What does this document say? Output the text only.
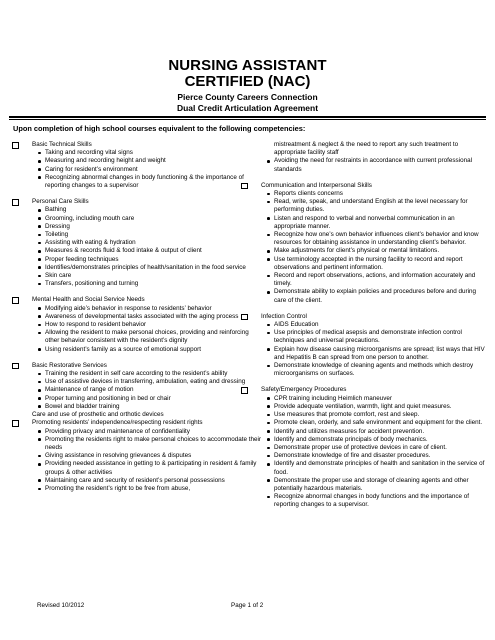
NURSING ASSISTANT
CERTIFIED (NAC)
Pierce County Careers Connection
Dual Credit Articulation Agreement
Upon completion of high school courses equivalent to the following competencies:
Basic Technical Skills
Taking and recording vital signs
Measuring and recording height and weight
Caring for resident’s environment
Recognizing abnormal changes in body functioning & the importance of reporting changes to a supervisor
Personal Care Skills
Bathing
Grooming, including mouth care
Dressing
Toileting
Assisting with eating & hydration
Measures & records fluid & food intake & output of client
Proper feeding techniques
Identifies/demonstrates principles of health/sanitation in the food service
Skin care
Transfers, positioning and turning
Mental Health and Social Service Needs
Modifying aide’s behavior in response to residents’ behavior
Awareness of developmental tasks associated with the aging process
How to respond to resident behavior
Allowing the resident to make personal choices, providing and reinforcing other behavior consistent with the resident’s dignity
Using resident’s family as a source of emotional support
Basic Restorative Services
Training the resident in self care according to the resident’s ability
Use of assistive devices in transferring, ambulation, eating and dressing
Maintenance of range of motion
Proper turning and positioning in bed or chair
Bowel and bladder training
Care and use of prosthetic and orthotic devices
Promoting residents’ independence/respecting resident rights
Providing privacy and maintenance of confidentiality
Promoting the residents right to make personal choices to accommodate their needs
Giving assistance in resolving grievances & disputes
Providing needed assistance in getting to & participating in resident & family groups & other activities
Maintaining care and security of resident’s personal possessions
Promoting the resident’s right to be free from abuse,
mistreatment & neglect & the need to report any such treatment to appropriate facility staff
Avoiding the need for restraints in accordance with current professional standards
Communication and Interpersonal Skills
Reports clients concerns
Read, write, speak, and understand English at the level necessary for performing duties.
Listen and respond to verbal and nonverbal communication in an appropriate manner.
Recognize how one’s own behavior influences client’s behavior and know resources for obtaining assistance in understanding client’s behavior.
Make adjustments for client’s physical or mental limitations.
Use terminology accepted in the nursing facility to record and report observations and pertinent information.
Record and report observations, actions, and information accurately and timely.
Demonstrate ability to explain policies and procedures before and during care of the client.
Infection Control
AIDS Education
Use principles of medical asepsis and demonstrate infection control techniques and universal precautions.
Explain how disease causing microorganisms are spread; list ways that HIV and Hepatitis B can spread from one person to another.
Demonstrate knowledge of cleaning agents and methods which destroy microorganisms on surfaces.
Safety/Emergency Procedures
CPR training including Heimlich maneuver
Provide adequate ventilation, warmth, light and quiet measures.
Use measures that promote comfort, rest and sleep.
Promote clean, orderly, and safe environment and equipment for the client.
Identify and utilizes measures for accident prevention.
Identify and demonstrate principals of body mechanics.
Demonstrate proper use of protective devices in care of client.
Demonstrate knowledge of fire and disaster procedures.
Identify and demonstrate principles of health and sanitation in the service of food.
Demonstrate the proper use and storage of cleaning agents and other potentially hazardous materials.
Recognize abnormal changes in body functions and the importance of reporting changes to a supervisor.
Revised 10/2012	Page 1 of 2
